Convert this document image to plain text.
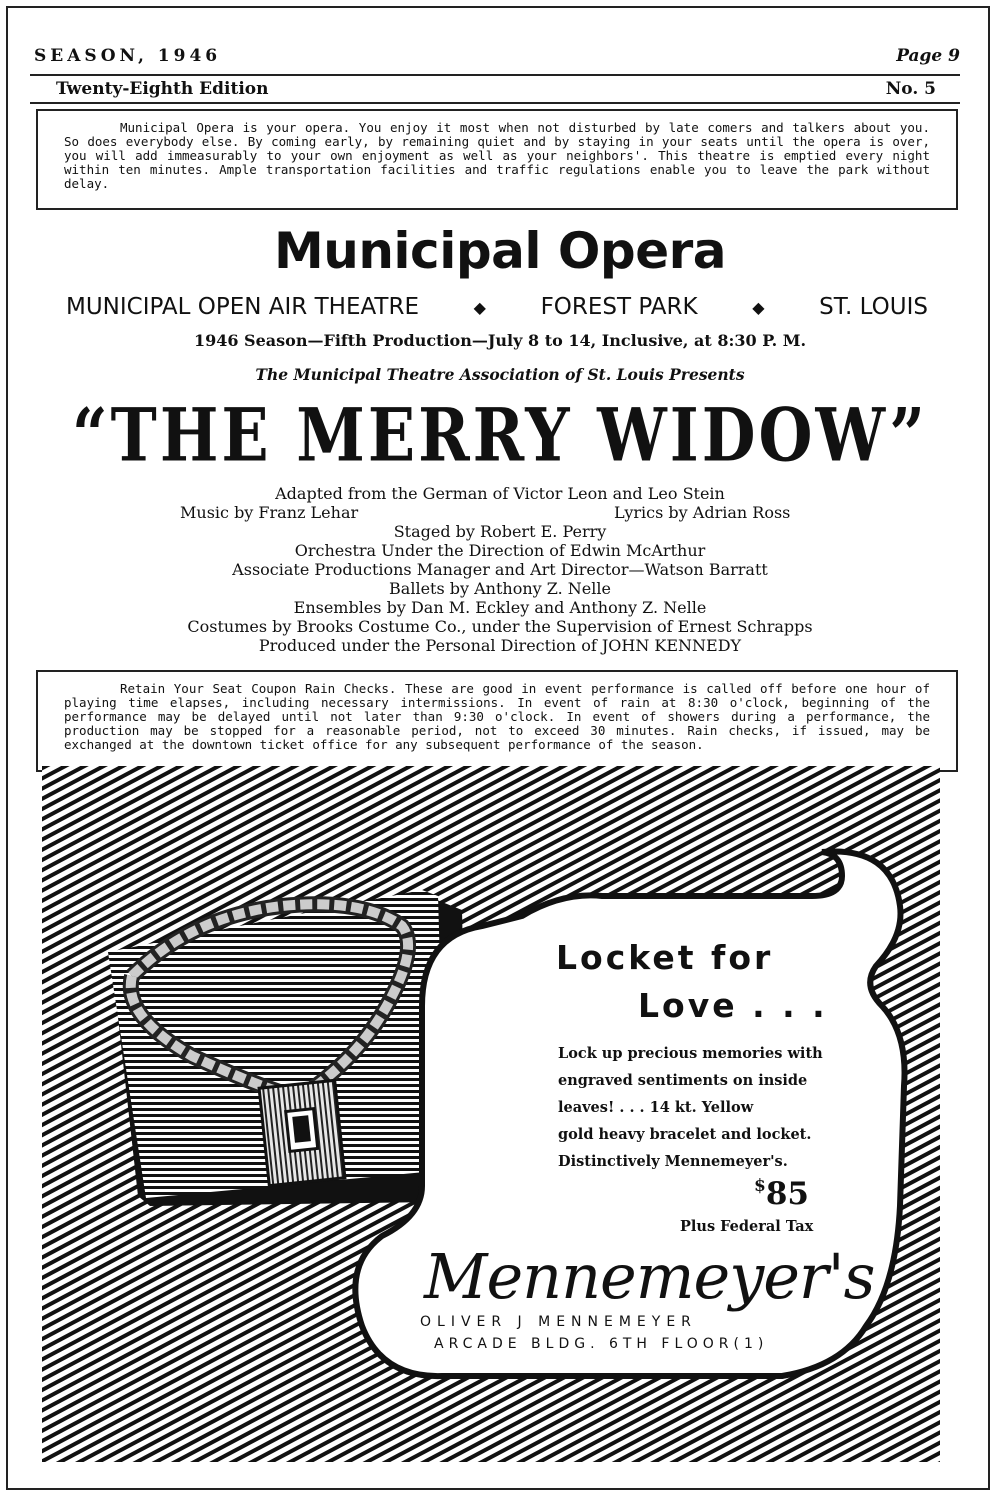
SEASON, 1946	Page 9
Twenty-Eighth Edition	No. 5

Municipal Opera is your opera. You enjoy it most when not disturbed by late comers and talkers about you. So does everybody else. By coming early, by remaining quiet and by staying in your seats until the opera is over, you will add immeasurably to your own enjoyment as well as your neighbors'. This theatre is emptied every night within ten minutes. Ample transportation facilities and traffic regulations enable you to leave the park without delay.

Municipal Opera
MUNICIPAL OPEN AIR THEATRE	◆ FOREST PARK	◆ ST. LOUIS
1946 Season—Fifth Production—July 8 to 14, Inclusive, at 8:30 P. M.
The Municipal Theatre Association of St. Louis Presents
“THE MERRY WIDOW”
Adapted from the German of Victor Leon and Leo Stein
Music by Franz Lehar	Lyrics by Adrian Ross
Staged by Robert E. Perry
Orchestra Under the Direction of Edwin McArthur
Associate Productions Manager and Art Director—Watson Barratt
Ballets by Anthony Z. Nelle
Ensembles by Dan M. Eckley and Anthony Z. Nelle
Costumes by Brooks Costume Co., under the Supervision of Ernest Schrapps
Produced under the Personal Direction of JOHN KENNEDY

Retain Your Seat Coupon Rain Checks. These are good in event performance is called off before one hour of playing time elapses, including necessary intermissions. In event of rain at 8:30 o'clock, beginning of the performance may be delayed until not later than 9:30 o'clock. In event of showers during a performance, the production may be stopped for a reasonable period, not to exceed 30 minutes. Rain checks, if issued, may be exchanged at the downtown ticket office for any subsequent performance of the season.

Locket for
Love . . .
Lock up precious memories with
engraved sentiments on inside
leaves! . . . 14 kt. Yellow
gold heavy bracelet and locket.
Distinctively Mennemeyer's.
$85
Plus Federal Tax
Mennemeyer's
OLIVER J MENNEMEYER
ARCADE BLDG. 6TH FLOOR(1)
